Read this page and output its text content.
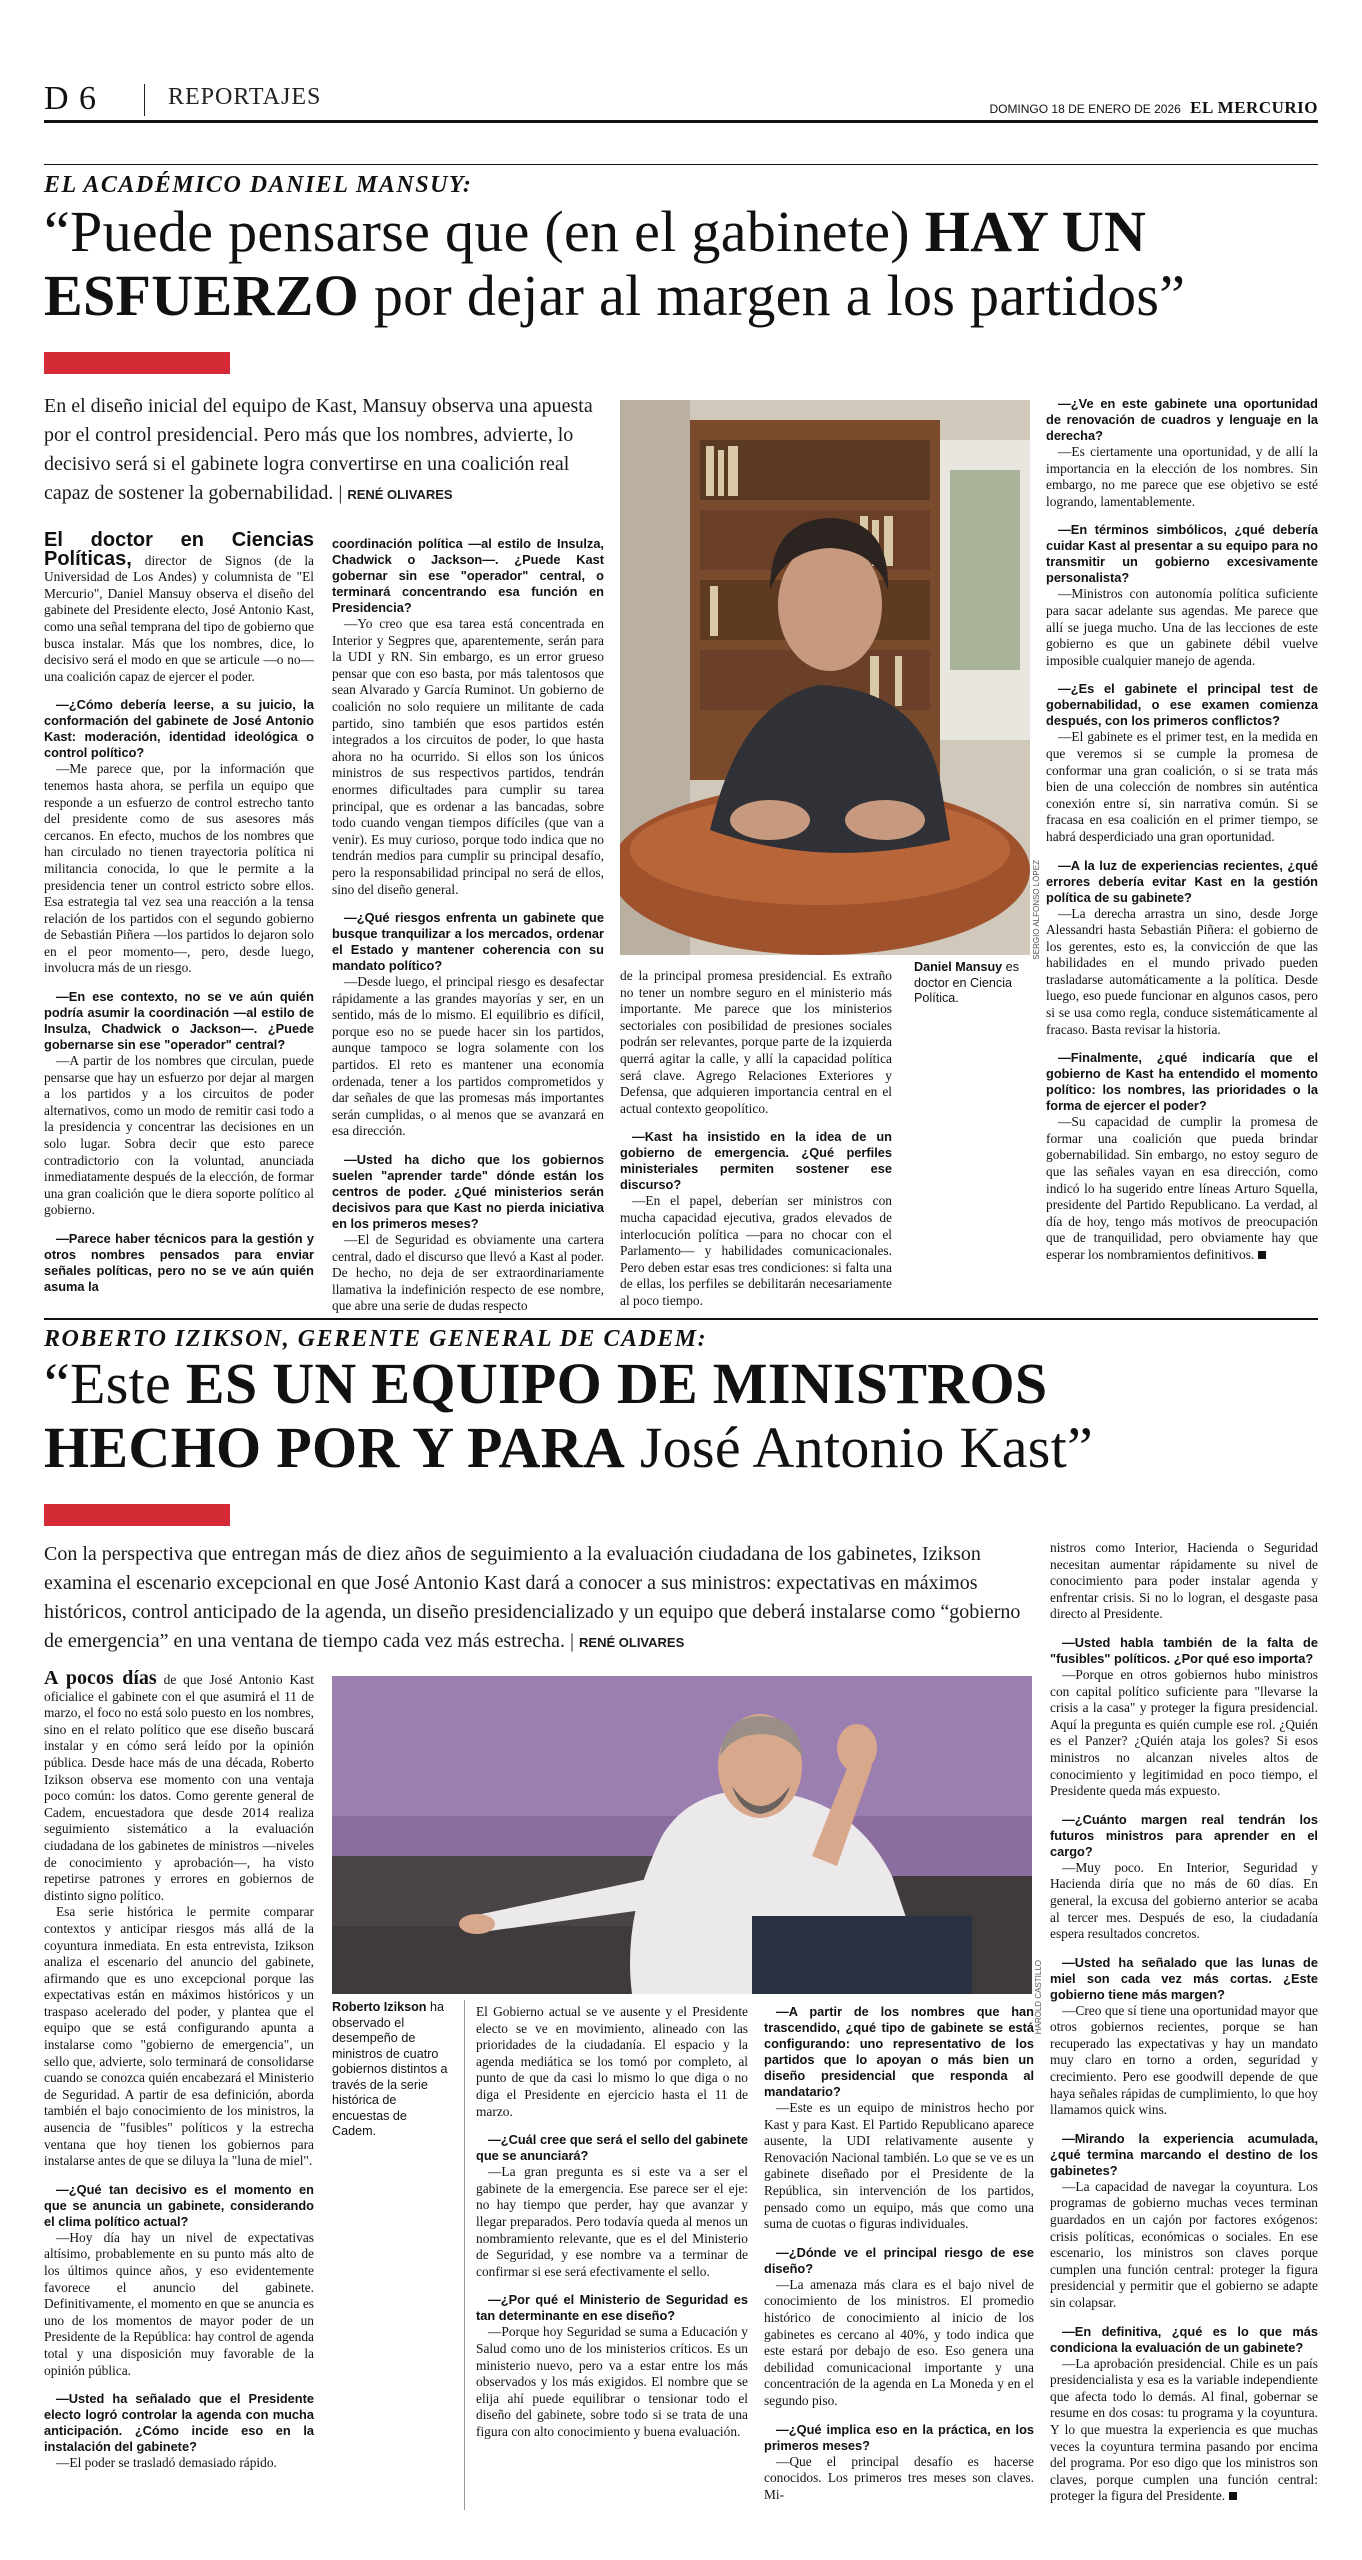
D 6	REPORTAJES	DOMINGO 18 DE ENERO DE 2026 EL MERCURIO
EL ACADÉMICO DANIEL MANSUY:
“Puede pensarse que (en el gabinete) HAY UN ESFUERZO por dejar al margen a los partidos”
En el diseño inicial del equipo de Kast, Mansuy observa una apuesta por el control presidencial. Pero más que los nombres, advierte, lo decisivo será si el gabinete logra convertirse en una coalición real capaz de sostener la gobernabilidad. | RENÉ OLIVARES
SERGIO ALFONSO LÓPEZ
Daniel Mansuy es doctor en Ciencia Política.

El doctor en Ciencias Políticas, director de Signos (de la Universidad de Los Andes) y columnista de "El Mercurio", Daniel Mansuy observa el diseño del gabinete del Presidente electo, José Antonio Kast, como una señal temprana del tipo de gobierno que busca instalar. Más que los nombres, dice, lo decisivo será el modo en que se articule —o no— una coalición capaz de ejercer el poder.

—¿Cómo debería leerse, a su juicio, la conformación del gabinete de José Antonio Kast: moderación, identidad ideológica o control político?

—Me parece que, por la información que tenemos hasta ahora, se perfila un equipo que responde a un esfuerzo de control estrecho tanto del presidente como de sus asesores más cercanos. En efecto, muchos de los nombres que han circulado no tienen trayectoria política ni militancia conocida, lo que le permite a la presidencia tener un control estricto sobre ellos. Esa estrategia tal vez sea una reacción a la tensa relación de los partidos con el segundo gobierno de Sebastián Piñera —los partidos lo dejaron solo en el peor momento—, pero, desde luego, involucra más de un riesgo.

—En ese contexto, no se ve aún quién podría asumir la coordinación —al estilo de Insulza, Chadwick o Jackson—. ¿Puede gobernarse sin ese "operador" central?

—A partir de los nombres que circulan, puede pensarse que hay un esfuerzo por dejar al margen a los partidos y a los circuitos de poder alternativos, como un modo de remitir casi todo a la presidencia y concentrar las decisiones en un solo lugar. Sobra decir que esto parece contradictorio con la voluntad, anunciada inmediatamente después de la elección, de formar una gran coalición que le diera soporte político al gobierno.

—Parece haber técnicos para la gestión y otros nombres pensados para enviar señales políticas, pero no se ve aún quién asuma la

coordinación política —al estilo de Insulza, Chadwick o Jackson—. ¿Puede Kast gobernar sin ese "operador" central, o terminará concentrando esa función en Presidencia?

—Yo creo que esa tarea está concentrada en Interior y Segpres que, aparentemente, serán para la UDI y RN. Sin embargo, es un error grueso pensar que con eso basta, por más talentosos que sean Alvarado y García Ruminot. Un gobierno de coalición no solo requiere un militante de cada partido, sino también que esos partidos estén integrados a los circuitos de poder, lo que hasta ahora no ha ocurrido. Si ellos son los únicos ministros de sus respectivos partidos, tendrán enormes dificultades para cumplir su tarea principal, que es ordenar a las bancadas, sobre todo cuando vengan tiempos difíciles (que van a venir). Es muy curioso, porque todo indica que no tendrán medios para cumplir su principal desafío, pero la responsabilidad principal no será de ellos, sino del diseño general.

—¿Qué riesgos enfrenta un gabinete que busque tranquilizar a los mercados, ordenar el Estado y mantener coherencia con su mandato político?

—Desde luego, el principal riesgo es desafectar rápidamente a las grandes mayorías y ser, en un sentido, más de lo mismo. El equilibrio es difícil, porque eso no se puede hacer sin los partidos, aunque tampoco se logra solamente con los partidos. El reto es mantener una economía ordenada, tener a los partidos comprometidos y dar señales de que las promesas más importantes serán cumplidas, o al menos que se avanzará en esa dirección.

—Usted ha dicho que los gobiernos suelen "aprender tarde" dónde están los centros de poder. ¿Qué ministerios serán decisivos para que Kast no pierda iniciativa en los primeros meses?

—El de Seguridad es obviamente una cartera central, dado el discurso que llevó a Kast al poder. De hecho, no deja de ser extraordinariamente llamativa la indefinición respecto de ese nombre, que abre una serie de dudas respecto

de la principal promesa presidencial. Es extraño no tener un nombre seguro en el ministerio más importante. Me parece que los ministerios sectoriales con posibilidad de presiones sociales podrán ser relevantes, porque parte de la izquierda querrá agitar la calle, y allí la capacidad política será clave. Agrego Relaciones Exteriores y Defensa, que adquieren importancia central en el actual contexto geopolítico.

—Kast ha insistido en la idea de un gobierno de emergencia. ¿Qué perfiles ministeriales permiten sostener ese discurso?

—En el papel, deberían ser ministros con mucha capacidad ejecutiva, grados elevados de interlocución política —para no chocar con el Parlamento— y habilidades comunicacionales. Pero deben estar esas tres condiciones: si falta una de ellas, los perfiles se debilitarán necesariamente al poco tiempo.

—¿Ve en este gabinete una oportunidad de renovación de cuadros y lenguaje en la derecha?

—Es ciertamente una oportunidad, y de allí la importancia en la elección de los nombres. Sin embargo, no me parece que ese objetivo se esté logrando, lamentablemente.

—En términos simbólicos, ¿qué debería cuidar Kast al presentar a su equipo para no transmitir un gobierno excesivamente personalista?

—Ministros con autonomía política suficiente para sacar adelante sus agendas. Me parece que allí se juega mucho. Una de las lecciones de este gobierno es que un gabinete débil vuelve imposible cualquier manejo de agenda.

—¿Es el gabinete el principal test de gobernabilidad, o ese examen comienza después, con los primeros conflictos?

—El gabinete es el primer test, en la medida en que veremos si se cumple la promesa de conformar una gran coalición, o si se trata más bien de una colección de nombres sin auténtica conexión entre sí, sin narrativa común. Si se fracasa en esa coalición en el primer tiempo, se habrá desperdiciado una gran oportunidad.

—A la luz de experiencias recientes, ¿qué errores debería evitar Kast en la gestión política de su gabinete?

—La derecha arrastra un sino, desde Jorge Alessandri hasta Sebastián Piñera: el gobierno de los gerentes, esto es, la convicción de que las habilidades en el mundo privado pueden trasladarse automáticamente a la política. Desde luego, eso puede funcionar en algunos casos, pero si se usa como regla, conduce sistemáticamente al fracaso. Basta revisar la historia.

—Finalmente, ¿qué indicaría que el gobierno de Kast ha entendido el momento político: los nombres, las prioridades o la forma de ejercer el poder?

—Su capacidad de cumplir la promesa de formar una coalición que pueda brindar gobernabilidad. Sin embargo, no estoy seguro de que las señales vayan en esa dirección, como indicó lo ha sugerido entre líneas Arturo Squella, presidente del Partido Republicano. La verdad, al día de hoy, tengo más motivos de preocupación que de tranquilidad, pero obviamente hay que esperar los nombramientos definitivos.

ROBERTO IZIKSON, GERENTE GENERAL DE CADEM:
“Este ES UN EQUIPO DE MINISTROS HECHO POR Y PARA José Antonio Kast”
Con la perspectiva que entregan más de diez años de seguimiento a la evaluación ciudadana de los gabinetes, Izikson examina el escenario excepcional en que José Antonio Kast dará a conocer a sus ministros: expectativas en máximos históricos, control anticipado de la agenda, un diseño presidencializado y un equipo que deberá instalarse como “gobierno de emergencia” en una ventana de tiempo cada vez más estrecha. | RENÉ OLIVARES
HAROLD CASTILLO
Roberto Izikson ha observado el desempeño de ministros de cuatro gobiernos distintos a través de la serie histórica de encuestas de Cadem.

A pocos días de que José Antonio Kast oficialice el gabinete con el que asumirá el 11 de marzo, el foco no está solo puesto en los nombres, sino en el relato político que ese diseño buscará instalar y en cómo será leído por la opinión pública. Desde hace más de una década, Roberto Izikson observa ese momento con una ventaja poco común: los datos. Como gerente general de Cadem, encuestadora que desde 2014 realiza seguimiento sistemático a la evaluación ciudadana de los gabinetes de ministros —niveles de conocimiento y aprobación—, ha visto repetirse patrones y errores en gobiernos de distinto signo político.

Esa serie histórica le permite comparar contextos y anticipar riesgos más allá de la coyuntura inmediata. En esta entrevista, Izikson analiza el escenario del anuncio del gabinete, afirmando que es uno excepcional porque las expectativas están en máximos históricos y un traspaso acelerado del poder, y plantea que el equipo que se está configurando apunta a instalarse como "gobierno de emergencia", un sello que, advierte, solo terminará de consolidarse cuando se conozca quién encabezará el Ministerio de Seguridad. A partir de esa definición, aborda también el bajo conocimiento de los ministros, la ausencia de "fusibles" políticos y la estrecha ventana que hoy tienen los gobiernos para instalarse antes de que se diluya la "luna de miel".

—¿Qué tan decisivo es el momento en que se anuncia un gabinete, considerando el clima político actual?

—Hoy día hay un nivel de expectativas altísimo, probablemente en su punto más alto de los últimos quince años, y eso evidentemente favorece el anuncio del gabinete. Definitivamente, el momento en que se anuncia es uno de los momentos de mayor poder de un Presidente de la República: hay control de agenda total y una disposición muy favorable de la opinión pública.

—Usted ha señalado que el Presidente electo logró controlar la agenda con mucha anticipación. ¿Cómo incide eso en la instalación del gabinete?

—El poder se trasladó demasiado rápido.

El Gobierno actual se ve ausente y el Presidente electo se ve en movimiento, alineado con las prioridades de la ciudadanía. El espacio y la agenda mediática se los tomó por completo, al punto de que da casi lo mismo lo que diga o no diga el Presidente en ejercicio hasta el 11 de marzo.

—¿Cuál cree que será el sello del gabinete que se anunciará?

—La gran pregunta es si este va a ser el gabinete de la emergencia. Ese parece ser el eje: no hay tiempo que perder, hay que avanzar y llegar preparados. Pero todavía queda al menos un nombramiento relevante, que es el del Ministerio de Seguridad, y ese nombre va a terminar de confirmar si ese será efectivamente el sello.

—¿Por qué el Ministerio de Seguridad es tan determinante en ese diseño?

—Porque hoy Seguridad se suma a Educación y Salud como uno de los ministerios críticos. Es un ministerio nuevo, pero va a estar entre los más observados y los más exigidos. El nombre que se elija ahí puede equilibrar o tensionar todo el diseño del gabinete, sobre todo si se trata de una figura con alto conocimiento y buena evaluación.

—A partir de los nombres que han trascendido, ¿qué tipo de gabinete se está configurando: uno representativo de los partidos que lo apoyan o más bien un diseño presidencial que responda al mandatario?

—Este es un equipo de ministros hecho por Kast y para Kast. El Partido Republicano aparece ausente, la UDI relativamente ausente y Renovación Nacional también. Lo que se ve es un gabinete diseñado por el Presidente de la República, sin intervención de los partidos, pensado como un equipo, más que como una suma de cuotas o figuras individuales.

—¿Dónde ve el principal riesgo de ese diseño?

—La amenaza más clara es el bajo nivel de conocimiento de los ministros. El promedio histórico de conocimiento al inicio de los gabinetes es cercano al 40%, y todo indica que este estará por debajo de eso. Eso genera una debilidad comunicacional importante y una concentración de la agenda en La Moneda y en el segundo piso.

—¿Qué implica eso en la práctica, en los primeros meses?

—Que el principal desafío es hacerse conocidos. Los primeros tres meses son claves. Mi-

nistros como Interior, Hacienda o Seguridad necesitan aumentar rápidamente su nivel de conocimiento para poder instalar agenda y enfrentar crisis. Si no lo logran, el desgaste pasa directo al Presidente.

—Usted habla también de la falta de "fusibles" políticos. ¿Por qué eso importa?

—Porque en otros gobiernos hubo ministros con capital político suficiente para "llevarse la crisis a la casa" y proteger la figura presidencial. Aquí la pregunta es quién cumple ese rol. ¿Quién es el Panzer? ¿Quién ataja los goles? Si esos ministros no alcanzan niveles altos de conocimiento y legitimidad en poco tiempo, el Presidente queda más expuesto.

—¿Cuánto margen real tendrán los futuros ministros para aprender en el cargo?

—Muy poco. En Interior, Seguridad y Hacienda diría que no más de 60 días. En general, la excusa del gobierno anterior se acaba al tercer mes. Después de eso, la ciudadanía espera resultados concretos.

—Usted ha señalado que las lunas de miel son cada vez más cortas. ¿Este gobierno tiene más margen?

—Creo que sí tiene una oportunidad mayor que otros gobiernos recientes, porque se han recuperado las expectativas y hay un mandato muy claro en torno a orden, seguridad y crecimiento. Pero ese goodwill depende de que haya señales rápidas de cumplimiento, lo que hoy llamamos quick wins.

—Mirando la experiencia acumulada, ¿qué termina marcando el destino de los gabinetes?

—La capacidad de navegar la coyuntura. Los programas de gobierno muchas veces terminan guardados en un cajón por factores exógenos: crisis políticas, económicas o sociales. En ese escenario, los ministros son claves porque cumplen una función central: proteger la figura presidencial y permitir que el gobierno se adapte sin colapsar.

—En definitiva, ¿qué es lo que más condiciona la evaluación de un gabinete?

—La aprobación presidencial. Chile es un país presidencialista y esa es la variable independiente que afecta todo lo demás. Al final, gobernar se resume en dos cosas: tu programa y la coyuntura. Y lo que muestra la experiencia es que muchas veces la coyuntura termina pasando por encima del programa. Por eso digo que los ministros son claves, porque cumplen una función central: proteger la figura del Presidente.
